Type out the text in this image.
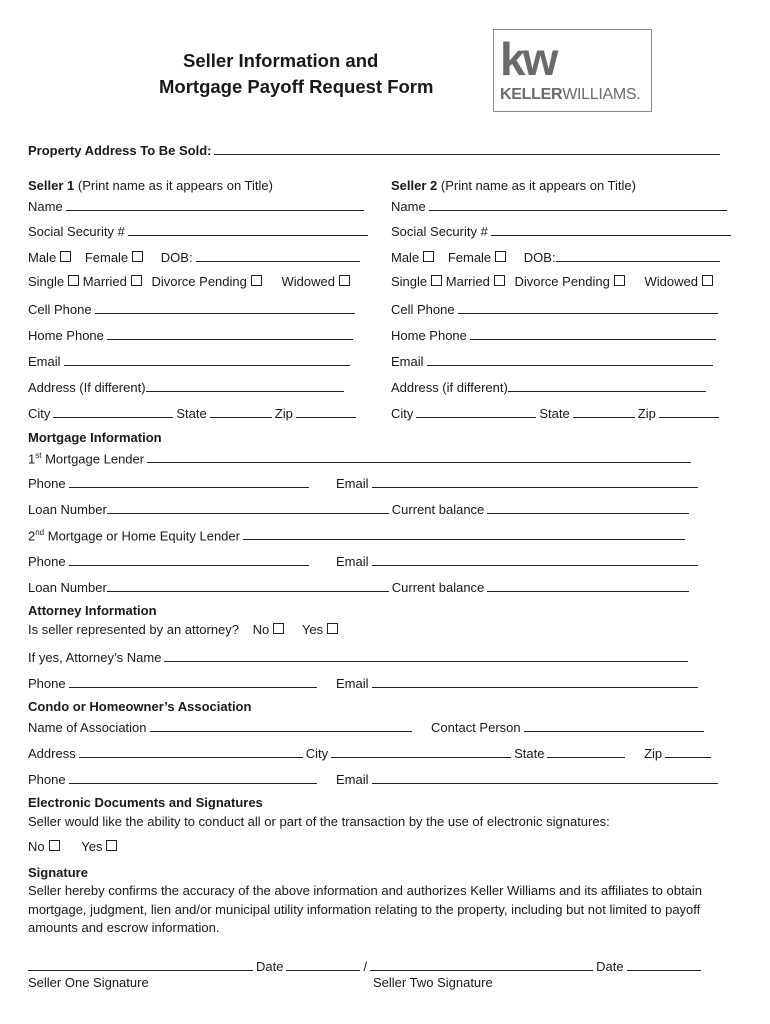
Seller Information and
Mortgage Payoff Request Form
kw
KELLERWILLIAMS.
Property Address To Be Sold:
Seller 1 (Print name as it appears on Title)
Name
Social Security #
Male Female	DOB:
Single Married Divorce Pending	Widowed
Cell Phone
Home Phone
Email
Address (If different)
City	State	Zip
Seller 2 (Print name as it appears on Title)
Name
Social Security #
Male Female	DOB:
Single Married Divorce Pending	Widowed
Cell Phone
Home Phone
Email
Address (if different)
City	State	Zip
Mortgage Information
1st Mortgage Lender
Phone	Email
Loan Number	Current balance
2nd Mortgage or Home Equity Lender
Phone	Email
Loan Number	Current balance
Attorney Information
Is seller represented by an attorney? No	Yes
If yes, Attorney’s Name
Phone	Email
Condo or Homeowner’s Association
Name of Association	Contact Person
Address	City	State	Zip
Phone	Email
Electronic Documents and Signatures
Seller would like the ability to conduct all or part of the transaction by the use of electronic signatures:
No	Yes
Signature

Seller hereby confirms the accuracy of the above information and authorizes Keller Williams and its affiliates to obtain mortgage, judgment, lien and/or municipal utility information relating to the property, including but not limited to payoff amounts and escrow information.

Date	/	Date
Seller One Signature	Seller Two Signature
